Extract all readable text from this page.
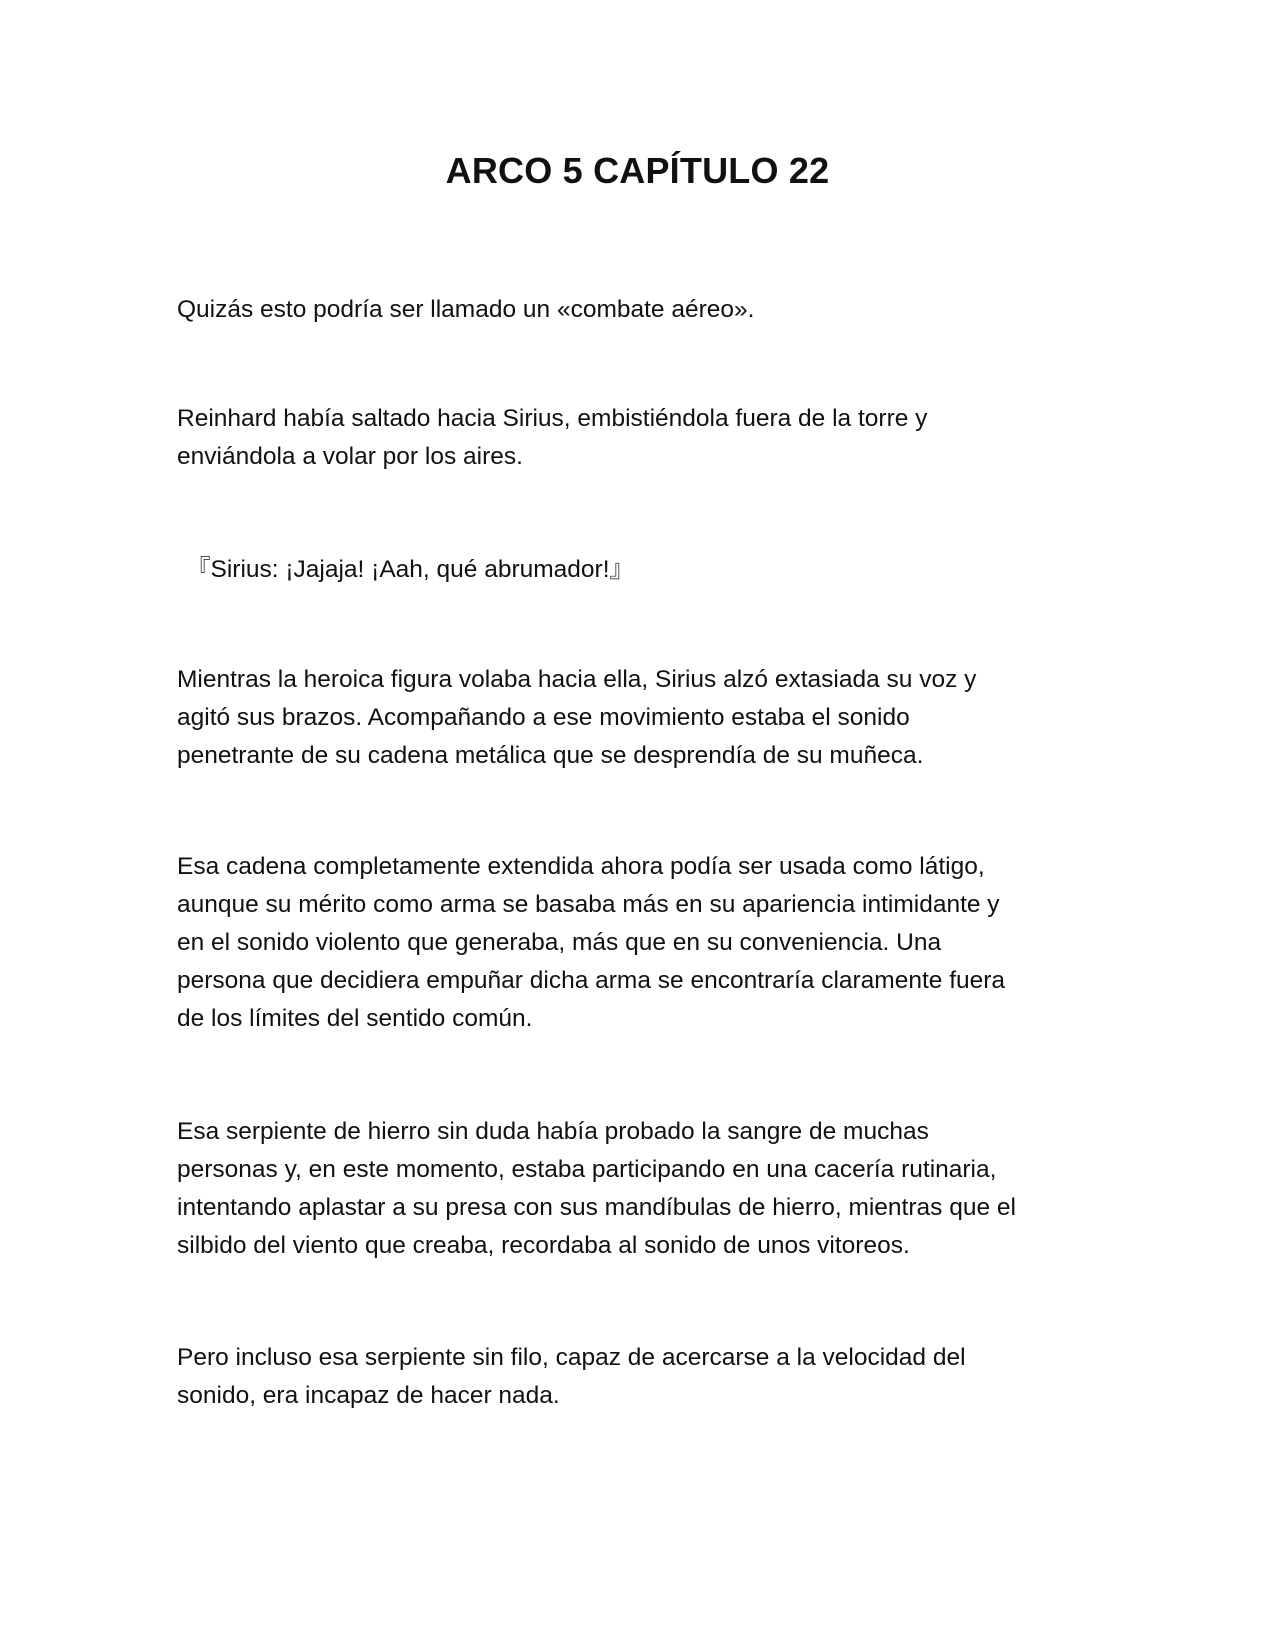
ARCO 5 CAPÍTULO 22

Quizás esto podría ser llamado un «combate aéreo».

Reinhard había saltado hacia Sirius, embistiéndola fuera de la torre y
enviándola a volar por los aires.

『Sirius: ¡Jajaja! ¡Aah, qué abrumador!』

Mientras la heroica figura volaba hacia ella, Sirius alzó extasiada su voz y
agitó sus brazos. Acompañando a ese movimiento estaba el sonido
penetrante de su cadena metálica que se desprendía de su muñeca.

Esa cadena completamente extendida ahora podía ser usada como látigo,
aunque su mérito como arma se basaba más en su apariencia intimidante y
en el sonido violento que generaba, más que en su conveniencia. Una
persona que decidiera empuñar dicha arma se encontraría claramente fuera
de los límites del sentido común.

Esa serpiente de hierro sin duda había probado la sangre de muchas
personas y, en este momento, estaba participando en una cacería rutinaria,
intentando aplastar a su presa con sus mandíbulas de hierro, mientras que el
silbido del viento que creaba, recordaba al sonido de unos vitoreos.

Pero incluso esa serpiente sin filo, capaz de acercarse a la velocidad del
sonido, era incapaz de hacer nada.
